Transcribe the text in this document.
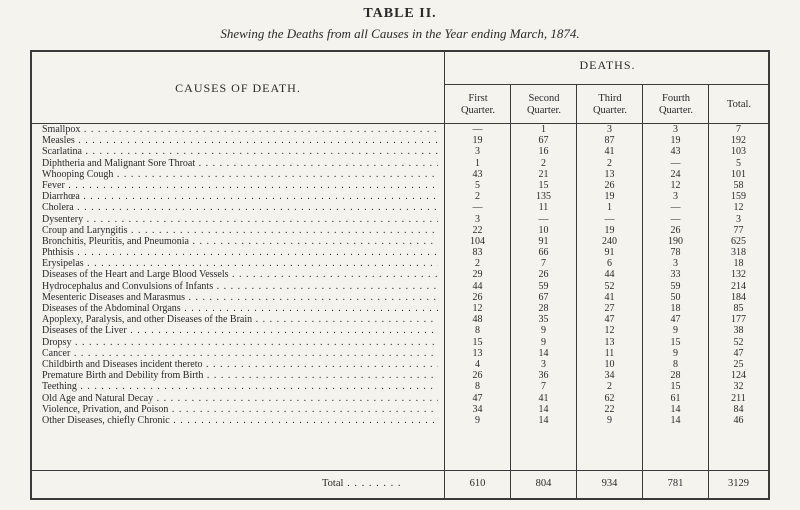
TABLE II.
Shewing the Deaths from all Causes in the Year ending March, 1874.
CAUSES OF DEATH.
DEATHS.
First Quarter.
Second Quarter.
Third Quarter.
Fourth Quarter.
Total.
Smallpox . . .	—	1	3	3	7
Measles . . .	19	67	87	19	192
Scarlatina . . .	3	16	41	43	103
Diphtheria and Malignant Sore Throat . . .	1	2	2	—	5
Whooping Cough . . .	43	21	13	24	101
Fever . . .	5	15	26	12	58
Diarrhœa . . .	2	135	19	3	159
Cholera . . .	—	11	1	—	12
Dysentery . . .	3	—	—	—	3
Croup and Laryngitis . . .	22	10	19	26	77
Bronchitis, Pleuritis, and Pneumonia . . .	104	91	240	190	625
Phthisis . . .	83	66	91	78	318
Erysipelas . . .	2	7	6	3	18
Diseases of the Heart and Large Blood Vessels . . .	29	26	44	33	132
Hydrocephalus and Convulsions of Infants . . .	44	59	52	59	214
Mesenteric Diseases and Marasmus . . .	26	67	41	50	184
Diseases of the Abdominal Organs . . .	12	28	27	18	85
Apoplexy, Paralysis, and other Diseases of the Brain . . .	48	35	47	47	177
Diseases of the Liver . . .	8	9	12	9	38
Dropsy . . .	15	9	13	15	52
Cancer . . .	13	14	11	9	47
Childbirth and Diseases incident thereto . . .	4	3	10	8	25
Premature Birth and Debility from Birth . . .	26	36	34	28	124
Teething . . .	8	7	2	15	32
Old Age and Natural Decay . . .	47	41	62	61	211
Violence, Privation, and Poison . . .	34	14	22	14	84
Other Diseases, chiefly Chronic . . .	9	14	9	14	46
Total . . .	610	804	934	781	3129
